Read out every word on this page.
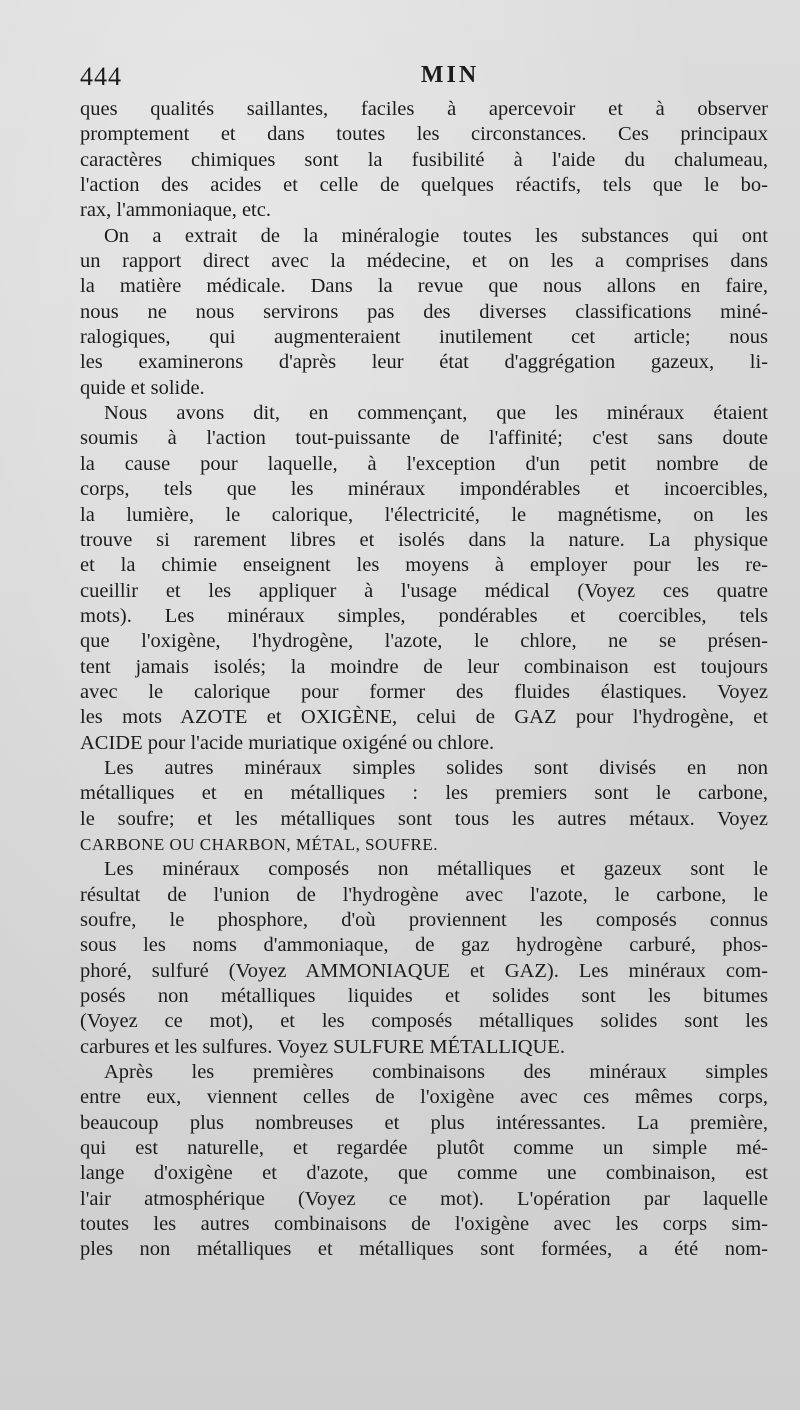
444	MIN
ques qualités saillantes, faciles à apercevoir et à observer
promptement et dans toutes les circonstances. Ces principaux
caractères chimiques sont la fusibilité à l'aide du chalumeau,
l'action des acides et celle de quelques réactifs, tels que le bo-
rax, l'ammoniaque, etc.
On a extrait de la minéralogie toutes les substances qui ont
un rapport direct avec la médecine, et on les a comprises dans
la matière médicale. Dans la revue que nous allons en faire,
nous ne nous servirons pas des diverses classifications miné-
ralogiques, qui augmenteraient inutilement cet article; nous
les examinerons d'après leur état d'aggrégation gazeux, li-
quide et solide.
Nous avons dit, en commençant, que les minéraux étaient
soumis à l'action tout-puissante de l'affinité; c'est sans doute
la cause pour laquelle, à l'exception d'un petit nombre de
corps, tels que les minéraux impondérables et incoercibles,
la lumière, le calorique, l'électricité, le magnétisme, on les
trouve si rarement libres et isolés dans la nature. La physique
et la chimie enseignent les moyens à employer pour les re-
cueillir et les appliquer à l'usage médical (Voyez ces quatre
mots). Les minéraux simples, pondérables et coercibles, tels
que l'oxigène, l'hydrogène, l'azote, le chlore, ne se présen-
tent jamais isolés; la moindre de leur combinaison est toujours
avec le calorique pour former des fluides élastiques. Voyez
les mots AZOTE et OXIGÈNE, celui de GAZ pour l'hydrogène, et
ACIDE pour l'acide muriatique oxigéné ou chlore.
Les autres minéraux simples solides sont divisés en non
métalliques et en métalliques : les premiers sont le carbone,
le soufre; et les métalliques sont tous les autres métaux. Voyez
CARBONE OU CHARBON, MÉTAL, SOUFRE.
Les minéraux composés non métalliques et gazeux sont le
résultat de l'union de l'hydrogène avec l'azote, le carbone, le
soufre, le phosphore, d'où proviennent les composés connus
sous les noms d'ammoniaque, de gaz hydrogène carburé, phos-
phoré, sulfuré (Voyez AMMONIAQUE et GAZ). Les minéraux com-
posés non métalliques liquides et solides sont les bitumes
(Voyez ce mot), et les composés métalliques solides sont les
carbures et les sulfures. Voyez SULFURE MÉTALLIQUE.
Après les premières combinaisons des minéraux simples
entre eux, viennent celles de l'oxigène avec ces mêmes corps,
beaucoup plus nombreuses et plus intéressantes. La première,
qui est naturelle, et regardée plutôt comme un simple mé-
lange d'oxigène et d'azote, que comme une combinaison, est
l'air atmosphérique (Voyez ce mot). L'opération par laquelle
toutes les autres combinaisons de l'oxigène avec les corps sim-
ples non métalliques et métalliques sont formées, a été nom-
